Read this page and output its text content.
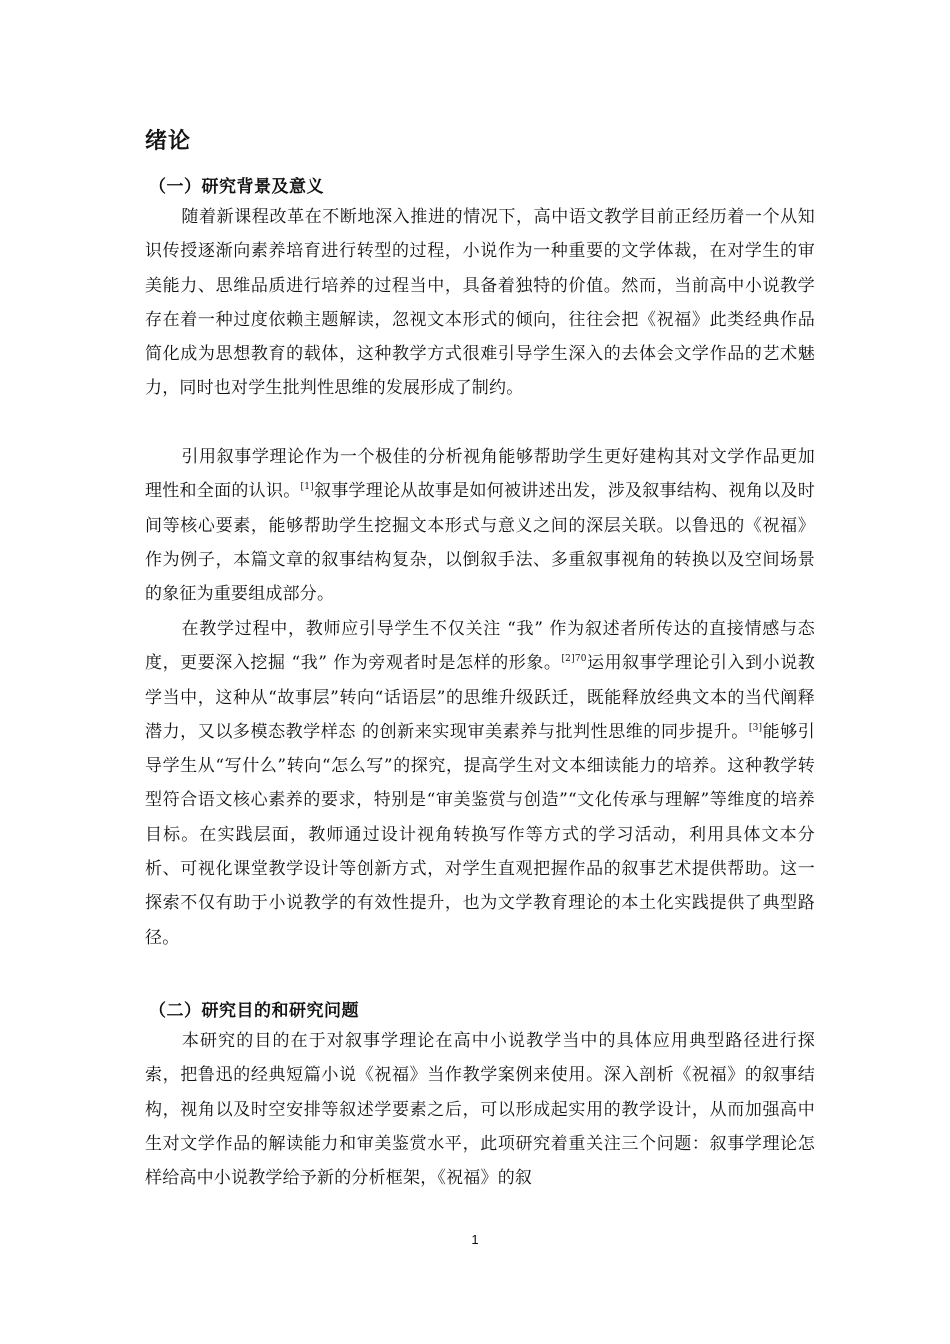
绪论
（一）研究背景及意义
随着新课程改革在不断地深入推进的情况下，高中语文教学目前正经历着一个从知识传授逐渐向素养培育进行转型的过程，小说作为一种重要的文学体裁，在对学生的审美能力、思维品质进行培养的过程当中，具备着独特的价值。然而，当前高中小说教学存在着一种过度依赖主题解读，忽视文本形式的倾向，往往会把《祝福》此类经典作品简化成为思想教育的载体，这种教学方式很难引导学生深入的去体会文学作品的艺术魅力，同时也对学生批判性思维的发展形成了制约。
引用叙事学理论作为一个极佳的分析视角能够帮助学生更好建构其对文学作品更加理性和全面的认识。[1]叙事学理论从故事是如何被讲述出发，涉及叙事结构、视角以及时间等核心要素，能够帮助学生挖掘文本形式与意义之间的深层关联。以鲁迅的《祝福》作为例子，本篇文章的叙事结构复杂，以倒叙手法、多重叙事视角的转换以及空间场景的象征为重要组成部分。
在教学过程中，教师应引导学生不仅关注 “我” 作为叙述者所传达的直接情感与态度，更要深入挖掘 “我” 作为旁观者时是怎样的形象。$^{[2]70}$运用叙事学理论引入到小说教学当中，这种从“故事层”转向“话语层”的思维升级跃迁，既能释放经典文本的当代阐释潜力，又以多模态教学样态 的创新来实现审美素养与批判性思维的同步提升。[3]能够引导学生从“写什么”转向“怎么写”的探究，提高学生对文本细读能力的培养。这种教学转型符合语文核心素养的要求，特别是“审美鉴赏与创造”“文化传承与理解”等维度的培养目标。在实践层面，教师通过设计视角转换写作等方式的学习活动，利用具体文本分析、可视化课堂教学设计等创新方式，对学生直观把握作品的叙事艺术提供帮助。这一探索不仅有助于小说教学的有效性提升，也为文学教育理论的本土化实践提供了典型路径。
（二）研究目的和研究问题
本研究的目的在于对叙事学理论在高中小说教学当中的具体应用典型路径进行探索，把鲁迅的经典短篇小说《祝福》当作教学案例来使用。深入剖析《祝福》的叙事结构，视角以及时空安排等叙述学要素之后，可以形成起实用的教学设计，从而加强高中生对文学作品的解读能力和审美鉴赏水平，此项研究着重关注三个问题：叙事学理论怎样给高中小说教学给予新的分析框架，《祝福》的叙
1
